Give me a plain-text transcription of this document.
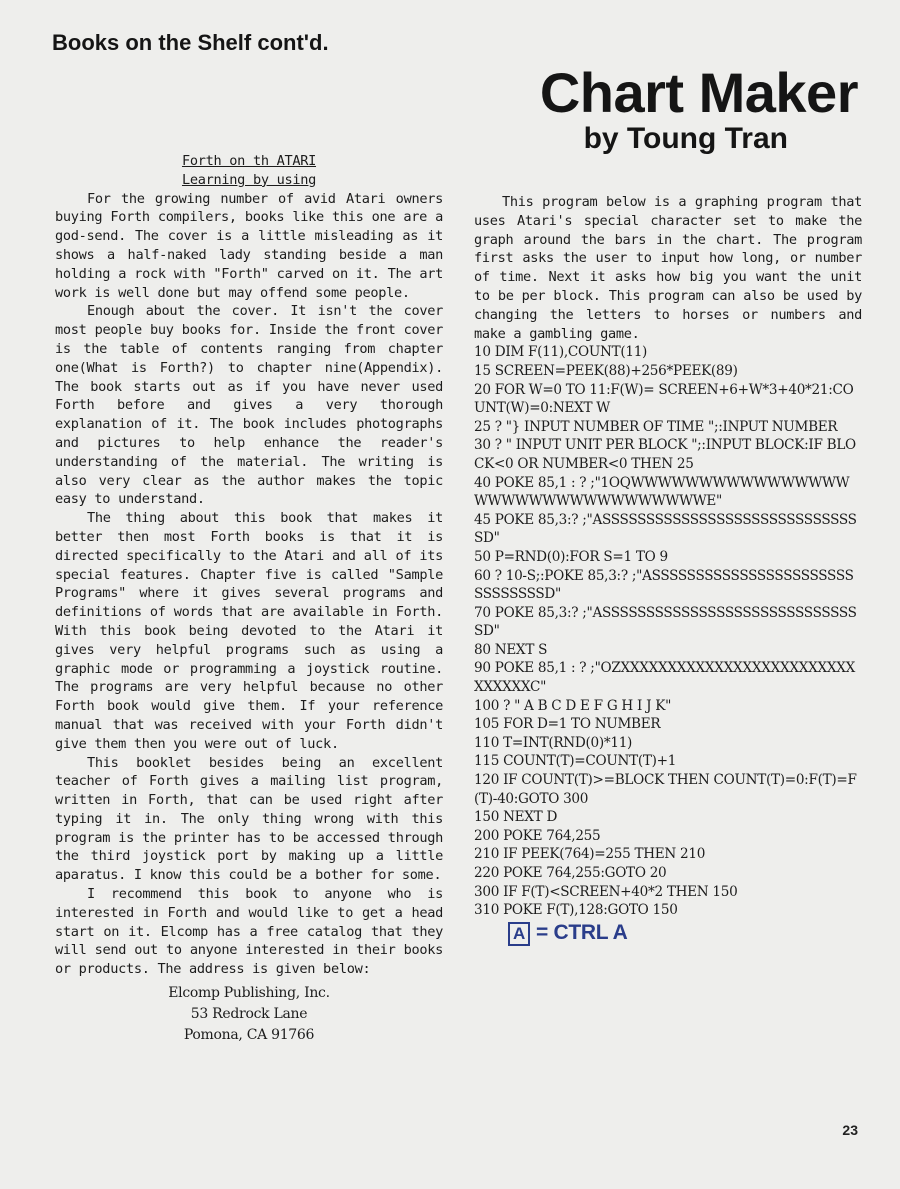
Books on the Shelf cont'd.
Chart Maker
by Toung Tran
Forth on th ATARI
Learning by using

For the growing number of avid Atari owners buying Forth compilers, books like this one are a god-send. The cover is a little misleading as it shows a half-naked lady standing beside a man holding a rock with "Forth" carved on it. The art work is well done but may offend some people.

Enough about the cover. It isn't the cover most people buy books for. Inside the front cover is the table of contents ranging from chapter one(What is Forth?) to chapter nine(Appendix). The book starts out as if you have never used Forth before and gives a very thorough explanation of it. The book includes photographs and pictures to help enhance the reader's understanding of the material. The writing is also very clear as the author makes the topic easy to understand.

The thing about this book that makes it better then most Forth books is that it is directed specifically to the Atari and all of its special features. Chapter five is called "Sample Programs" where it gives several programs and definitions of words that are available in Forth. With this book being devoted to the Atari it gives very helpful programs such as using a graphic mode or programming a joystick routine. The programs are very helpful because no other Forth book would give them. If your reference manual that was received with your Forth didn't give them then you were out of luck.

This booklet besides being an excellent teacher of Forth gives a mailing list program, written in Forth, that can be used right after typing it in. The only thing wrong with this program is the printer has to be accessed through the third joystick port by making up a little aparatus. I know this could be a bother for some.

I recommend this book to anyone who is interested in Forth and would like to get a head start on it. Elcomp has a free catalog that they will send out to anyone interested in their books or products. The address is given below:

Elcomp Publishing, Inc.
53 Redrock Lane
Pomona, CA 91766

This program below is a graphing program that uses Atari's special character set to make the graph around the bars in the chart. The program first asks the user to input how long, or number of time. Next it asks how big you want the unit to be per block. This program can also be used by changing the letters to horses or numbers and make a gambling game.

10 DIM F(11),COUNT(11)
15 SCREEN=PEEK(88)+256*PEEK(89)
20 FOR W=0 TO 11:F(W)= SCREEN+6+W*3+40*21:COUNT(W)=0:NEXT W
25 ? "} INPUT NUMBER OF TIME ";:INPUT NUMBER
30 ? " INPUT UNIT PER BLOCK ";:INPUT BLOCK:IF BLOCK<0 OR NUMBER<0 THEN 25
40 POKE 85,1 : ? ;"1OQWWWWWWWWWWWWWWWWWWWWWWWWWWWWWWWWWE"
45 POKE 85,3:? ;"ASSSSSSSSSSSSSSSSSSSSSSSSSSSSSSD"
50 P=RND(0):FOR S=1 TO 9
60 ? 10-S;:POKE 85,3:? ;"ASSSSSSSSSSSSSSSSSSSSSSSSSSSSSSSD"
70 POKE 85,3:? ;"ASSSSSSSSSSSSSSSSSSSSSSSSSSSSSSD"
80 NEXT S
90 POKE 85,1 : ? ;"OZXXXXXXXXXXXXXXXXXXXXXXXXXXXXXXXC"
100 ? " A B C D E F G H I J K"
105 FOR D=1 TO NUMBER
110 T=INT(RND(0)*11)
115 COUNT(T)=COUNT(T)+1
120 IF COUNT(T)>=BLOCK THEN COUNT(T)=0:F(T)=F(T)-40:GOTO 300
150 NEXT D
200 POKE 764,255
210 IF PEEK(764)=255 THEN 210
220 POKE 764,255:GOTO 20
300 IF F(T)<SCREEN+40*2 THEN 150
310 POKE F(T),128:GOTO 150
A = CTRL A
23
